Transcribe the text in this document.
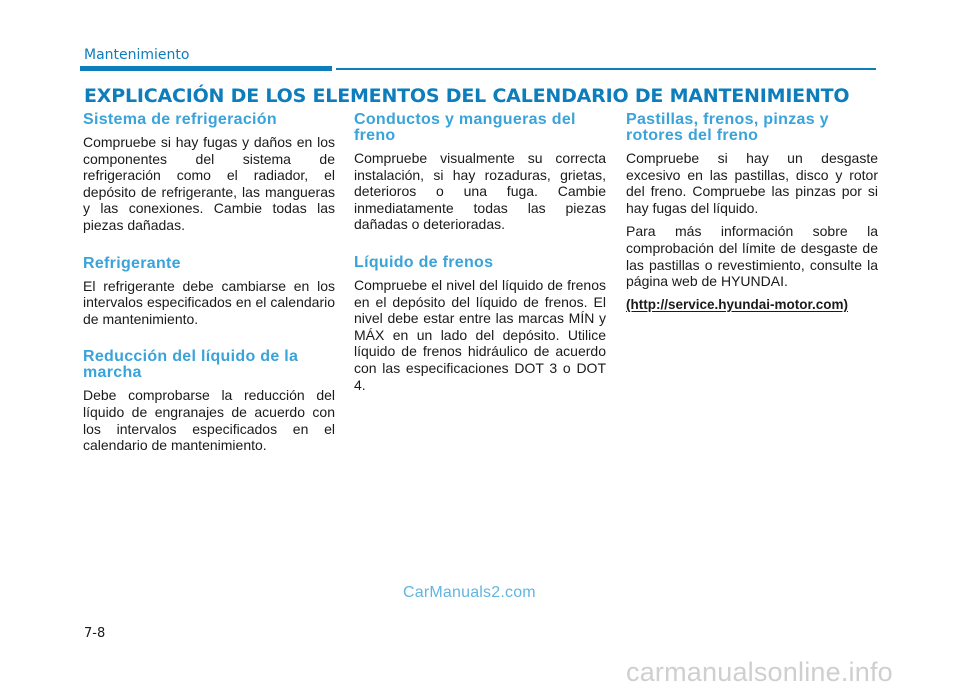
Mantenimiento
EXPLICACIÓN DE LOS ELEMENTOS DEL CALENDARIO DE MANTENIMIENTO
Sistema de refrigeración

Compruebe si hay fugas y daños en los componentes del sistema de refrigeración como el radiador, el depósito de refrigerante, las mangueras y las conexiones. Cambie todas las piezas dañadas.

Refrigerante

El refrigerante debe cambiarse en los intervalos especificados en el calendario de mantenimiento.

Reducción del líquido de la marcha

Debe comprobarse la reducción del líquido de engranajes de acuerdo con los intervalos especificados en el calendario de mantenimiento.

Conductos y mangueras del freno

Compruebe visualmente su correcta instalación, si hay rozaduras, grietas, deterioros o una fuga. Cambie inmediatamente todas las piezas dañadas o deterioradas.

Líquido de frenos

Compruebe el nivel del líquido de frenos en el depósito del líquido de frenos. El nivel debe estar entre las marcas MÍN y MÁX en un lado del depósito. Utilice líquido de frenos hidráulico de acuerdo con las especificaciones DOT 3 o DOT 4.

Pastillas, frenos, pinzas y rotores del freno

Compruebe si hay un desgaste excesivo en las pastillas, disco y rotor del freno. Compruebe las pinzas por si hay fugas del líquido.

Para más información sobre la comprobación del límite de desgaste de las pastillas o revestimiento, consulte la página web de HYUNDAI.

(http://service.hyundai-motor.com)
CarManuals2.com
7-8
carmanualsonline.info
